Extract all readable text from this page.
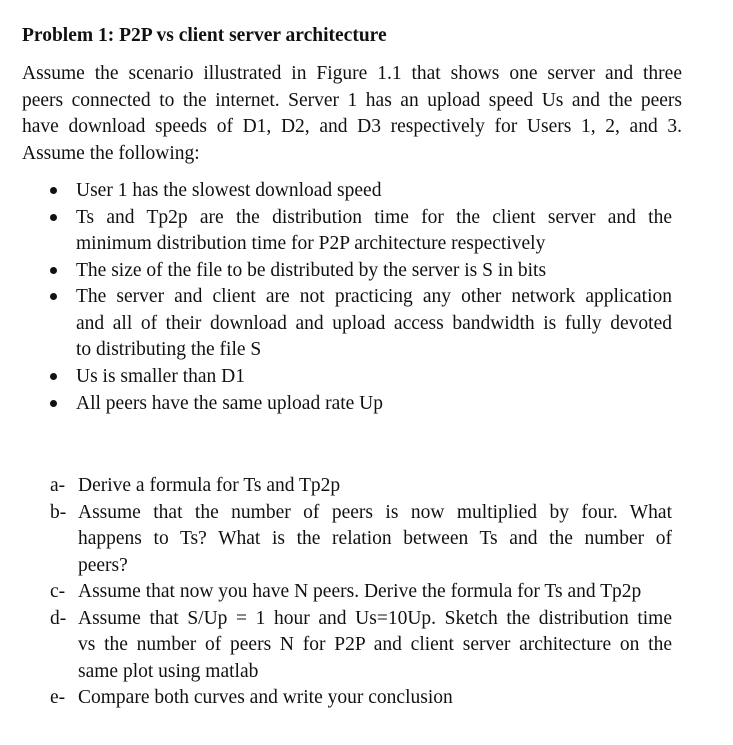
Problem 1: P2P vs client server architecture

Assume the scenario illustrated in Figure 1.1 that shows one server and three
peers connected to the internet. Server 1 has an upload speed Us and the peers
have download speeds of D1, D2, and D3 respectively for Users 1, 2, and 3.
Assume the following:

User 1 has the slowest download speed
Ts and Tp2p are the distribution time for the client server and the
minimum distribution time for P2P architecture respectively
The size of the file to be distributed by the server is S in bits
The server and client are not practicing any other network application
and all of their download and upload access bandwidth is fully devoted
to distributing the file S
Us is smaller than D1
All peers have the same upload rate Up
a- Derive a formula for Ts and Tp2p
b- Assume that the number of peers is now multiplied by four. What
happens to Ts? What is the relation between Ts and the number of
peers?
c- Assume that now you have N peers. Derive the formula for Ts and Tp2p
d- Assume that S/Up = 1 hour and Us=10Up. Sketch the distribution time
vs the number of peers N for P2P and client server architecture on the
same plot using matlab
e- Compare both curves and write your conclusion
